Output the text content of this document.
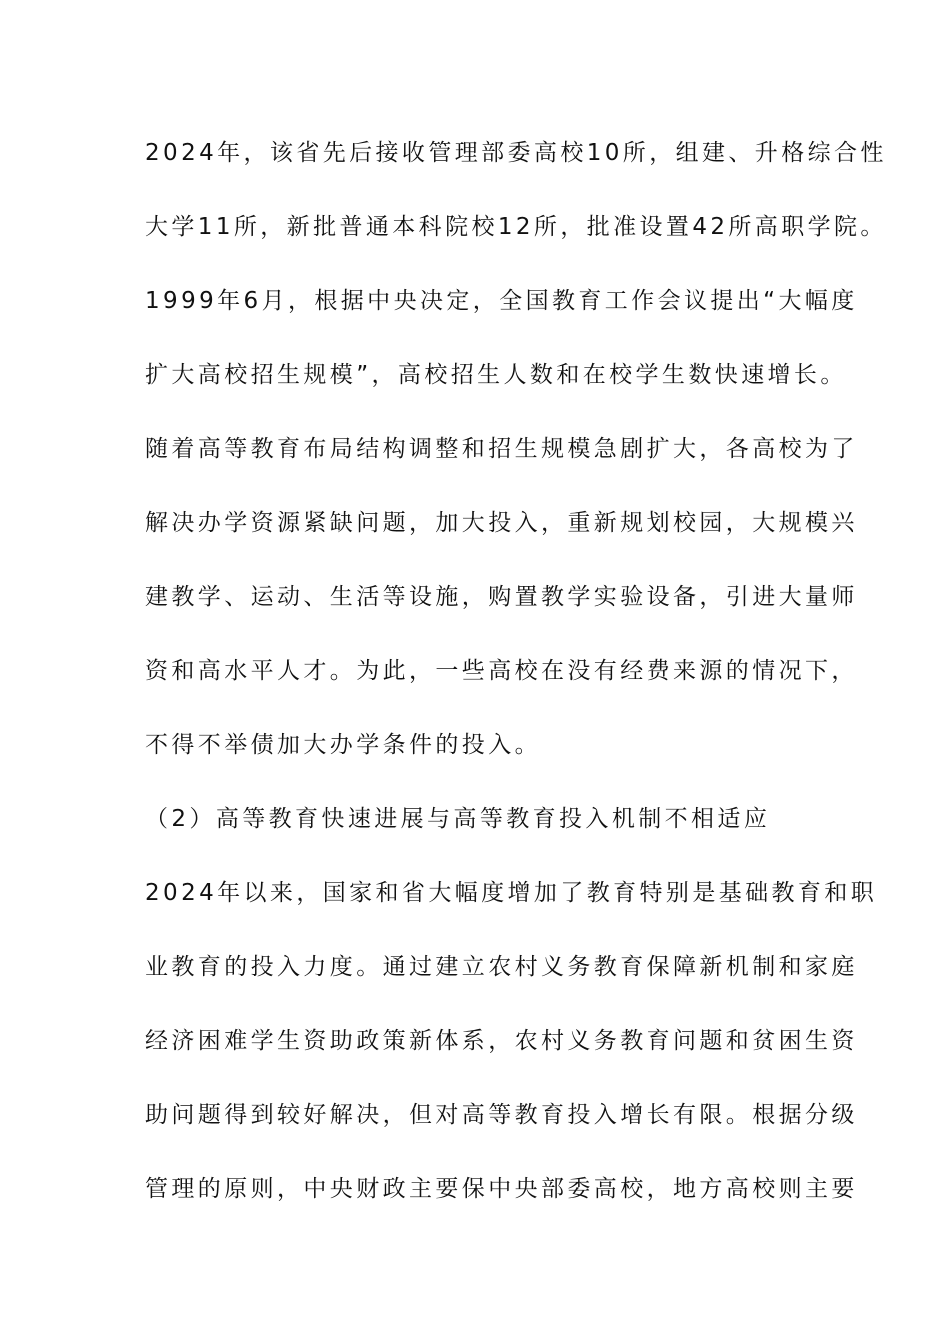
2024年，该省先后接收管理部委高校10所，组建、升格综合性
大学11所，新批普通本科院校12所，批准设置42所高职学院。
1999年6月，根据中央决定，全国教育工作会议提出“大幅度
扩大高校招生规模”，高校招生人数和在校学生数快速增长。
随着高等教育布局结构调整和招生规模急剧扩大，各高校为了
解决办学资源紧缺问题，加大投入，重新规划校园，大规模兴
建教学、运动、生活等设施，购置教学实验设备，引进大量师
资和高水平人才。为此，一些高校在没有经费来源的情况下，
不得不举债加大办学条件的投入。
（2）高等教育快速进展与高等教育投入机制不相适应
2024年以来，国家和省大幅度增加了教育特别是基础教育和职
业教育的投入力度。通过建立农村义务教育保障新机制和家庭
经济困难学生资助政策新体系，农村义务教育问题和贫困生资
助问题得到较好解决，但对高等教育投入增长有限。根据分级
管理的原则，中央财政主要保中央部委高校，地方高校则主要
